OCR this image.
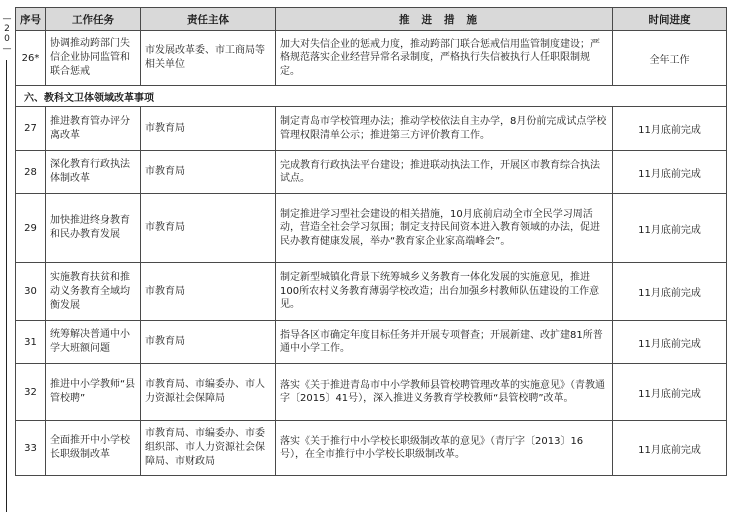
—
2
0
—
序号	工作任务	责任主体	推进措施	时间进度
26*	协调推动跨部门失信企业协同监管和联合惩戒	市发展改革委、市工商局等相关单位	加大对失信企业的惩戒力度，推动跨部门联合惩戒信用监管制度建设；严格规范落实企业经营异常名录制度，严格执行失信被执行人任职限制规定。	全年工作
六、教科文卫体领域改革事项				
27	推进教育管办评分离改革	市教育局	制定青岛市学校管理办法；推动学校依法自主办学，8月份前完成试点学校管理权限清单公示；推进第三方评价教育工作。	11月底前完成
28	深化教育行政执法体制改革	市教育局	完成教育行政执法平台建设；推进联动执法工作，开展区市教育综合执法试点。	11月底前完成
29	加快推进终身教育和民办教育发展	市教育局	制定推进学习型社会建设的相关措施，10月底前启动全市全民学习周活动，营造全社会学习氛围；制定支持民间资本进入教育领域的办法，促进民办教育健康发展，举办“教育家企业家高端峰会”。	11月底前完成
30	实施教育扶贫和推动义务教育全域均衡发展	市教育局	制定新型城镇化背景下统筹城乡义务教育一体化发展的实施意见，推进100所农村义务教育薄弱学校改造；出台加强乡村教师队伍建设的工作意见。	11月底前完成
31	统筹解决普通中小学大班额问题	市教育局	指导各区市确定年度目标任务并开展专项督查；开展新建、改扩建81所普通中小学工作。	11月底前完成
32	推进中小学教师“县管校聘”	市教育局、市编委办、市人力资源社会保障局	落实《关于推进青岛市中小学教师县管校聘管理改革的实施意见》（青教通字〔2015〕41号），深入推进义务教育学校教师“县管校聘”改革。	11月底前完成
33	全面推开中小学校长职级制改革	市教育局、市编委办、市委组织部、市人力资源社会保障局、市财政局	落实《关于推行中小学校长职级制改革的意见》（青厅字〔2013〕16号），在全市推行中小学校长职级制改革。	11月底前完成
